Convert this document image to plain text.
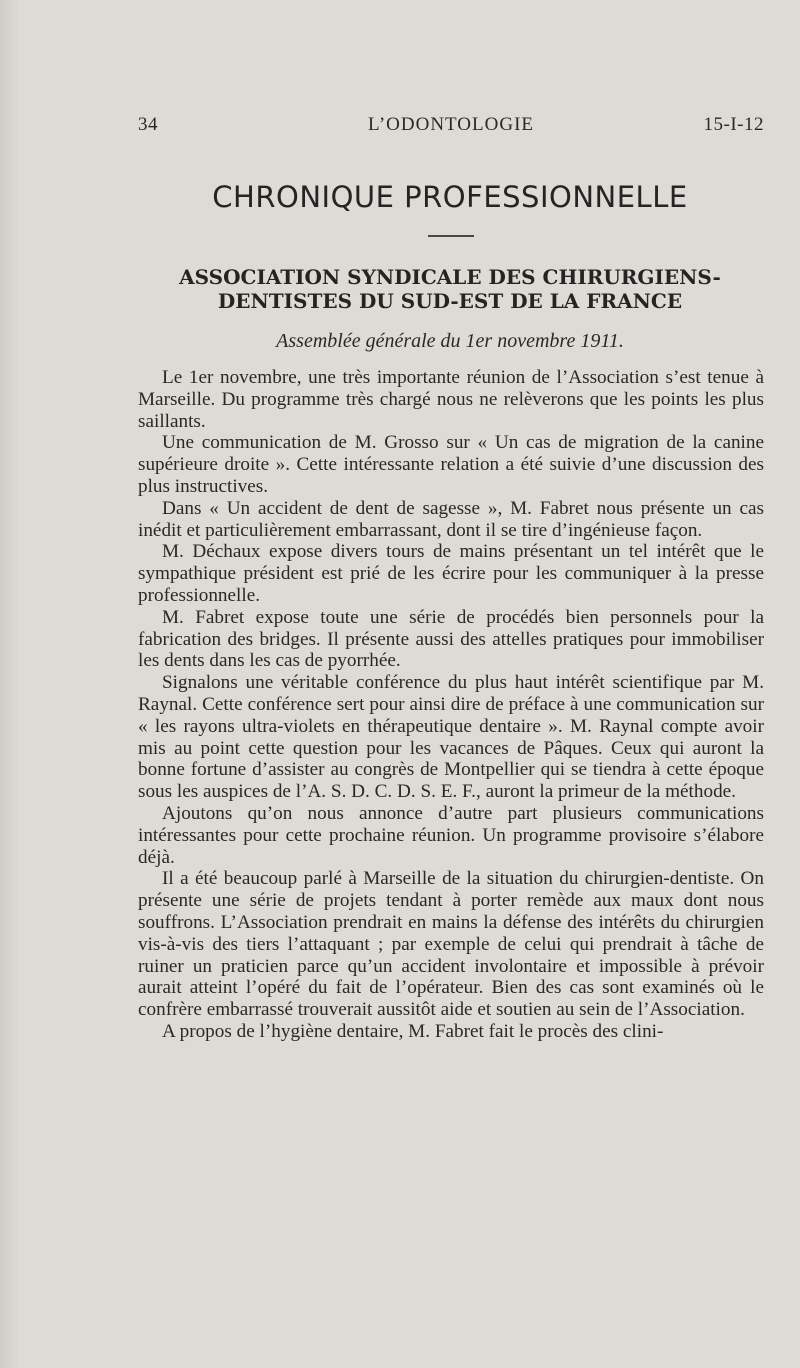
34	L’ODONTOLOGIE	15-I-12
CHRONIQUE PROFESSIONNELLE
ASSOCIATION SYNDICALE DES CHIRURGIENS-
DENTISTES DU SUD-EST DE LA FRANCE
Assemblée générale du 1er novembre 1911.

Le 1er novembre, une très importante réunion de l’Association s’est tenue à Marseille. Du programme très chargé nous ne relèverons que les points les plus saillants.

Une communication de M. Grosso sur « Un cas de migration de la canine supérieure droite ». Cette intéressante relation a été suivie d’une discussion des plus instructives.

Dans « Un accident de dent de sagesse », M. Fabret nous présente un cas inédit et particulièrement embarrassant, dont il se tire d’ingénieuse façon.

M. Déchaux expose divers tours de mains présentant un tel intérêt que le sympathique président est prié de les écrire pour les communiquer à la presse professionnelle.

M. Fabret expose toute une série de procédés bien personnels pour la fabrication des bridges. Il présente aussi des attelles pratiques pour immobiliser les dents dans les cas de pyorrhée.

Signalons une véritable conférence du plus haut intérêt scientifique par M. Raynal. Cette conférence sert pour ainsi dire de préface à une communication sur « les rayons ultra-violets en thérapeutique dentaire ». M. Raynal compte avoir mis au point cette question pour les vacances de Pâques. Ceux qui auront la bonne fortune d’assister au congrès de Montpellier qui se tiendra à cette époque sous les auspices de l’A. S. D. C. D. S. E. F., auront la primeur de la méthode.

Ajoutons qu’on nous annonce d’autre part plusieurs communications intéressantes pour cette prochaine réunion. Un programme provisoire s’élabore déjà.

Il a été beaucoup parlé à Marseille de la situation du chirurgien-dentiste. On présente une série de projets tendant à porter remède aux maux dont nous souffrons. L’Association prendrait en mains la défense des intérêts du chirurgien vis-à-vis des tiers l’attaquant ; par exemple de celui qui prendrait à tâche de ruiner un praticien parce qu’un accident involontaire et impossible à prévoir aurait atteint l’opéré du fait de l’opérateur. Bien des cas sont examinés où le confrère embarrassé trouverait aussitôt aide et soutien au sein de l’Association.

A propos de l’hygiène dentaire, M. Fabret fait le procès des clini-
